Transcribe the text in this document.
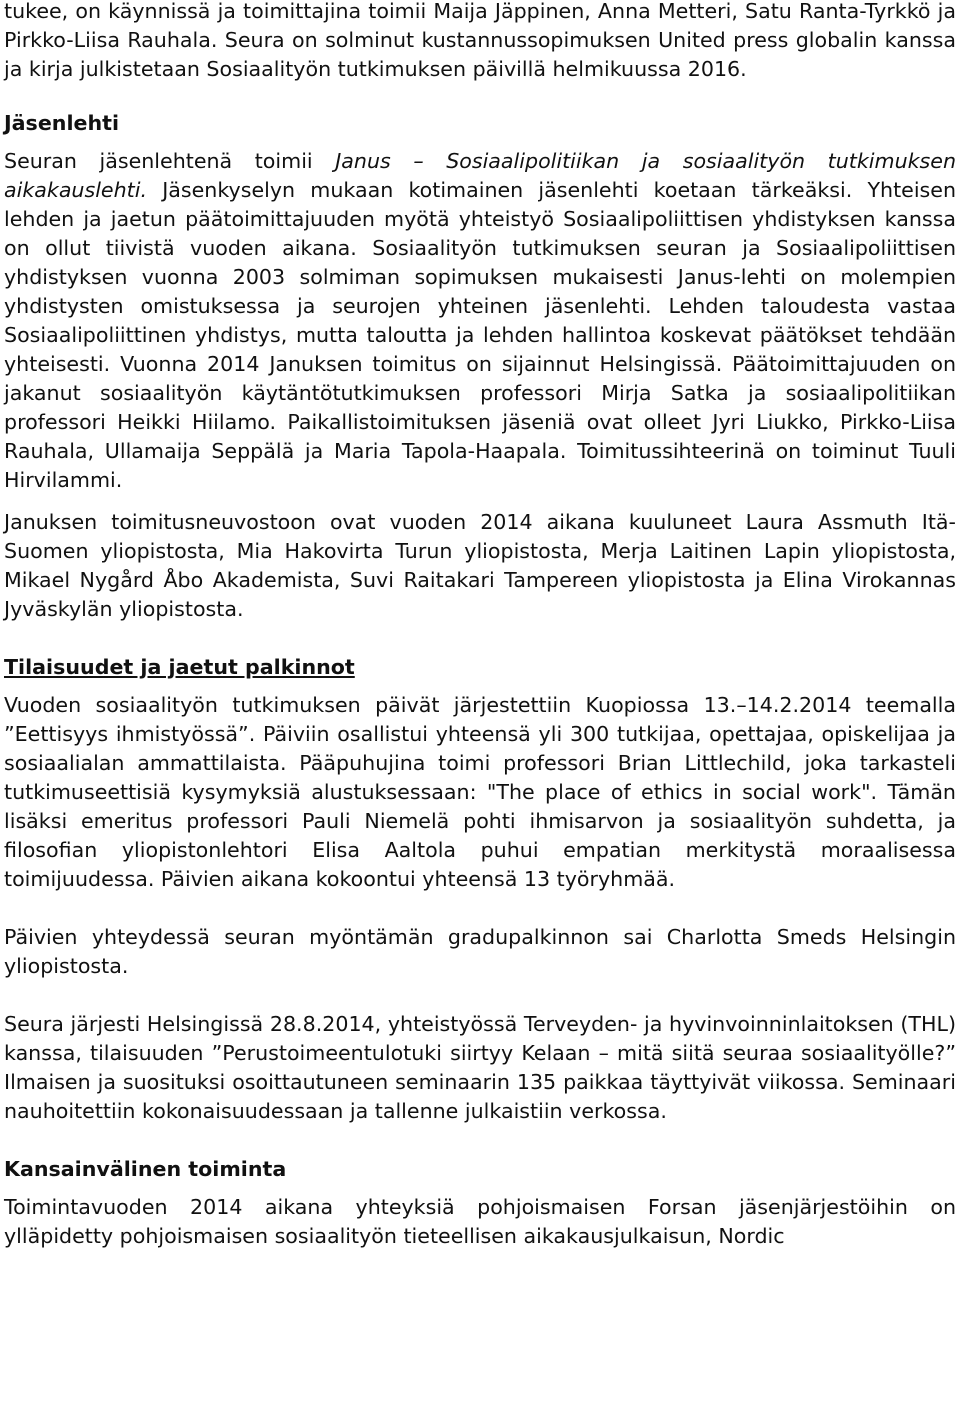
tukee, on käynnissä ja toimittajina toimii Maija Jäppinen, Anna Metteri, Satu Ranta-Tyrkkö ja Pirkko-Liisa Rauhala. Seura on solminut kustannussopimuksen United press globalin kanssa ja kirja julkistetaan Sosiaalityön tutkimuksen päivillä helmikuussa 2016.

Jäsenlehti

Seuran jäsenlehtenä toimii Janus – Sosiaalipolitiikan ja sosiaalityön tutkimuksen aikakauslehti. Jäsenkyselyn mukaan kotimainen jäsenlehti koetaan tärkeäksi. Yhteisen lehden ja jaetun päätoimittajuuden myötä yhteistyö Sosiaalipoliittisen yhdistyksen kanssa on ollut tiivistä vuoden aikana. Sosiaalityön tutkimuksen seuran ja Sosiaalipoliittisen yhdistyksen vuonna 2003 solmiman sopimuksen mukaisesti Janus-lehti on molempien yhdistysten omistuksessa ja seurojen yhteinen jäsenlehti. Lehden taloudesta vastaa Sosiaalipoliittinen yhdistys, mutta taloutta ja lehden hallintoa koskevat päätökset tehdään yhteisesti. Vuonna 2014 Januksen toimitus on sijainnut Helsingissä. Päätoimittajuuden on jakanut sosiaalityön käytäntötutkimuksen professori Mirja Satka ja sosiaalipolitiikan professori Heikki Hiilamo. Paikallistoimituksen jäseniä ovat olleet Jyri Liukko, Pirkko-Liisa Rauhala, Ullamaija Seppälä ja Maria Tapola-Haapala. Toimitussihteerinä on toiminut Tuuli Hirvilammi.

Januksen toimitusneuvostoon ovat vuoden 2014 aikana kuuluneet Laura Assmuth Itä-Suomen yliopistosta, Mia Hakovirta Turun yliopistosta, Merja Laitinen Lapin yliopistosta, Mikael Nygård Åbo Akademista, Suvi Raitakari Tampereen yliopistosta ja Elina Virokannas Jyväskylän yliopistosta.

Tilaisuudet ja jaetut palkinnot

Vuoden sosiaalityön tutkimuksen päivät järjestettiin Kuopiossa 13.–14.2.2014 teemalla ”Eettisyys ihmistyössä”. Päiviin osallistui yhteensä yli 300 tutkijaa, opettajaa, opiskelijaa ja sosiaalialan ammattilaista. Pääpuhujina toimi professori Brian Littlechild, joka tarkasteli tutkimuseettisiä kysymyksiä alustuksessaan: "The place of ethics in social work". Tämän lisäksi emeritus professori Pauli Niemelä pohti ihmisarvon ja sosiaalityön suhdetta, ja filosofian yliopistonlehtori Elisa Aaltola puhui empatian merkitystä moraalisessa toimijuudessa. Päivien aikana kokoontui yhteensä 13 työryhmää.

Päivien yhteydessä seuran myöntämän gradupalkinnon sai Charlotta Smeds Helsingin yliopistosta.

Seura järjesti Helsingissä 28.8.2014, yhteistyössä Terveyden- ja hyvinvoinninlaitoksen (THL) kanssa, tilaisuuden ”Perustoimeentulotuki siirtyy Kelaan – mitä siitä seuraa sosiaalityölle?” Ilmaisen ja suosituksi osoittautuneen seminaarin 135 paikkaa täyttyivät viikossa. Seminaari nauhoitettiin kokonaisuudessaan ja tallenne julkaistiin verkossa.

Kansainvälinen toiminta

Toimintavuoden 2014 aikana yhteyksiä pohjoismaisen Forsan jäsenjärjestöihin on ylläpidetty pohjoismaisen sosiaalityön tieteellisen aikakausjulkaisun, Nordic
